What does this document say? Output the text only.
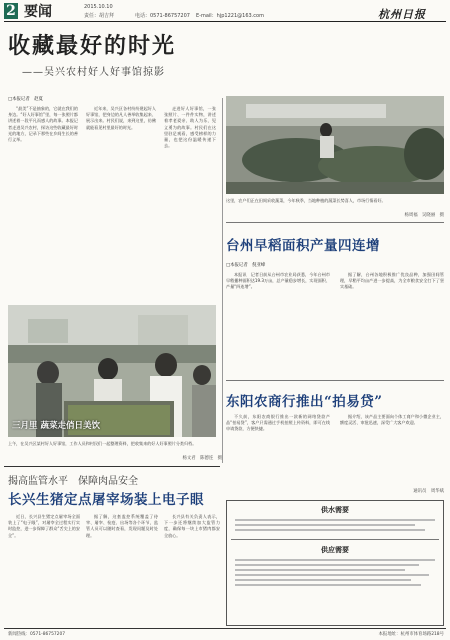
2 要闻	2015.10.10
责任：胡吉拜	电话：0571-86757207 E-mail：hjp1221@163.com	杭州日报
收藏最好的时光
——吴兴农村好人好事馆掠影
□本报记者　赵夏

“最美”不是抽象的，它就在我们的身边。“好人好事馆”里，每一张照片都讲述着一段平凡而感人的故事。本报记者走进吴兴农村，探访这些收藏最好时光的地方，记录下那些在乡间生长的善行义举。

近年来，吴兴区各村纷纷建起好人好事馆，把身边的凡人善举收集起来、展示出来。村民们说，来到这里，仿佛就能看见村里最好的时光。

走进好人好事馆，一张张照片、一件件实物，讲述着孝老爱亲、助人为乐、见义勇为的故事。村民们在这里驻足观看，感受榜样的力量，也把这份温暖传递下去。

三月里 蔬菜走俏日美饮
上午，在吴兴区某村好人好事馆，工作人员和村民们一起整理资料，把收集来的好人好事照片分类归档。
杨文君　陈德连　摄
这里，农户们正在田间采收蔬菜，今年秋季，当地种植的蔬菜长势喜人，市场行情看好。
杨周福　吴晓丽　摄
台州早稻面积产量四连增
□本报记者　倪亚峰

本报讯　记者日前从台州市农业局获悉，今年台州市早稻播种面积达19.3万亩，总产量稳步增长，实现面积、产量“四连增”。

据了解，台州各地积极推广优良品种，加强田间管理，早稻平均亩产进一步提高，为全市粮食安全打下了坚实基础。

东阳农商行推出“拍易贷”

不久前，东阳农商银行推出一款新的网络贷款产品“拍易贷”，客户只需通过手机拍照上传资料，即可在线申请贷款，方便快捷。

据介绍，该产品主要面向个体工商户和小微企业主，额度灵活、审批迅速，深受广大客户欢迎。

通讯员　周华斌
揭高监管水平　保障肉品安全
长兴生猪定点屠宰场装上电子眼

近日，长兴县生猪定点屠宰场全面装上了“电子眼”，对屠宰全过程实行实时监控，进一步保障了群众“舌尖上的安全”。

据了解，这套监控系统覆盖了待宰、屠宰、检疫、出场等各个环节，监管人员可以随时查看，发现问题及时处理。

长兴县有关负责人表示，下一步还将继续加大监管力度，确保每一块上市猪肉都安全放心。

供水需要
供应需要
新闻热线：0571-86757207	本报地址：杭州市体育场路218号
